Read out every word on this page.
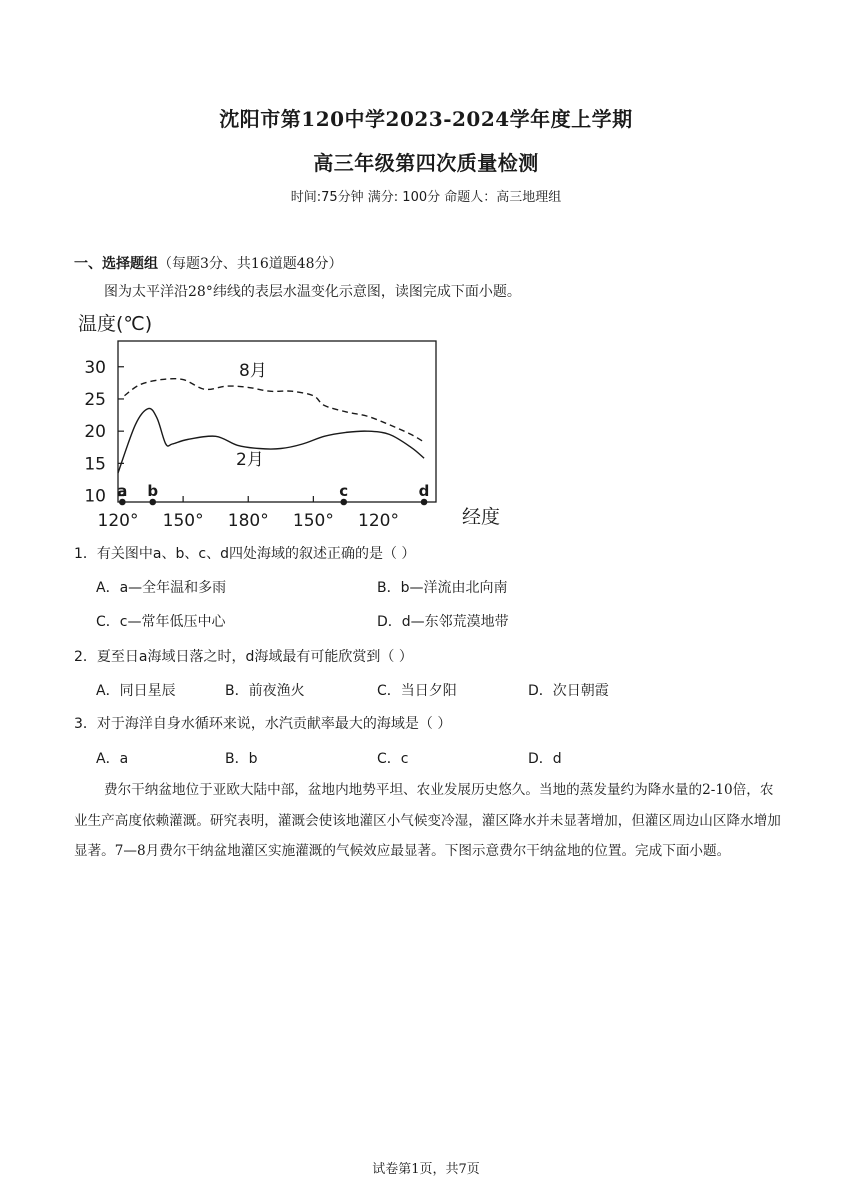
沈阳市第120中学2023-2024学年度上学期
高三年级第四次质量检测
时间:75分钟 满分: 100分 命题人：高三地理组
一、选择题组（每题3分、共16道题48分）
图为太平洋沿28°纬线的表层水温变化示意图，读图完成下面小题。
温度(℃)
10
15
20
25
30
120° 150° 180° 150° 120°
a b	c	d
8月
2月
经度
1．有关图中a、b、c、d四处海域的叙述正确的是（ ）
A．a—全年温和多雨	B．b—洋流由北向南
C．c—常年低压中心	D．d—东邻荒漠地带
2．夏至日a海域日落之时，d海域最有可能欣赏到（ ）
A．同日星辰	B．前夜渔火	C．当日夕阳	D．次日朝霞
3．对于海洋自身水循环来说，水汽贡献率最大的海域是（ ）
A．a	B．b	C．c	D．d
费尔干纳盆地位于亚欧大陆中部，盆地内地势平坦、农业发展历史悠久。当地的蒸发量约为降水量的2-10倍，农业生产高度依赖灌溉。研究表明，灌溉会使该地灌区小气候变冷湿，灌区降水并未显著增加，但灌区周边山区降水增加显著。7—8月费尔干纳盆地灌区实施灌溉的气候效应最显著。下图示意费尔干纳盆地的位置。完成下面小题。
试卷第1页，共7页
